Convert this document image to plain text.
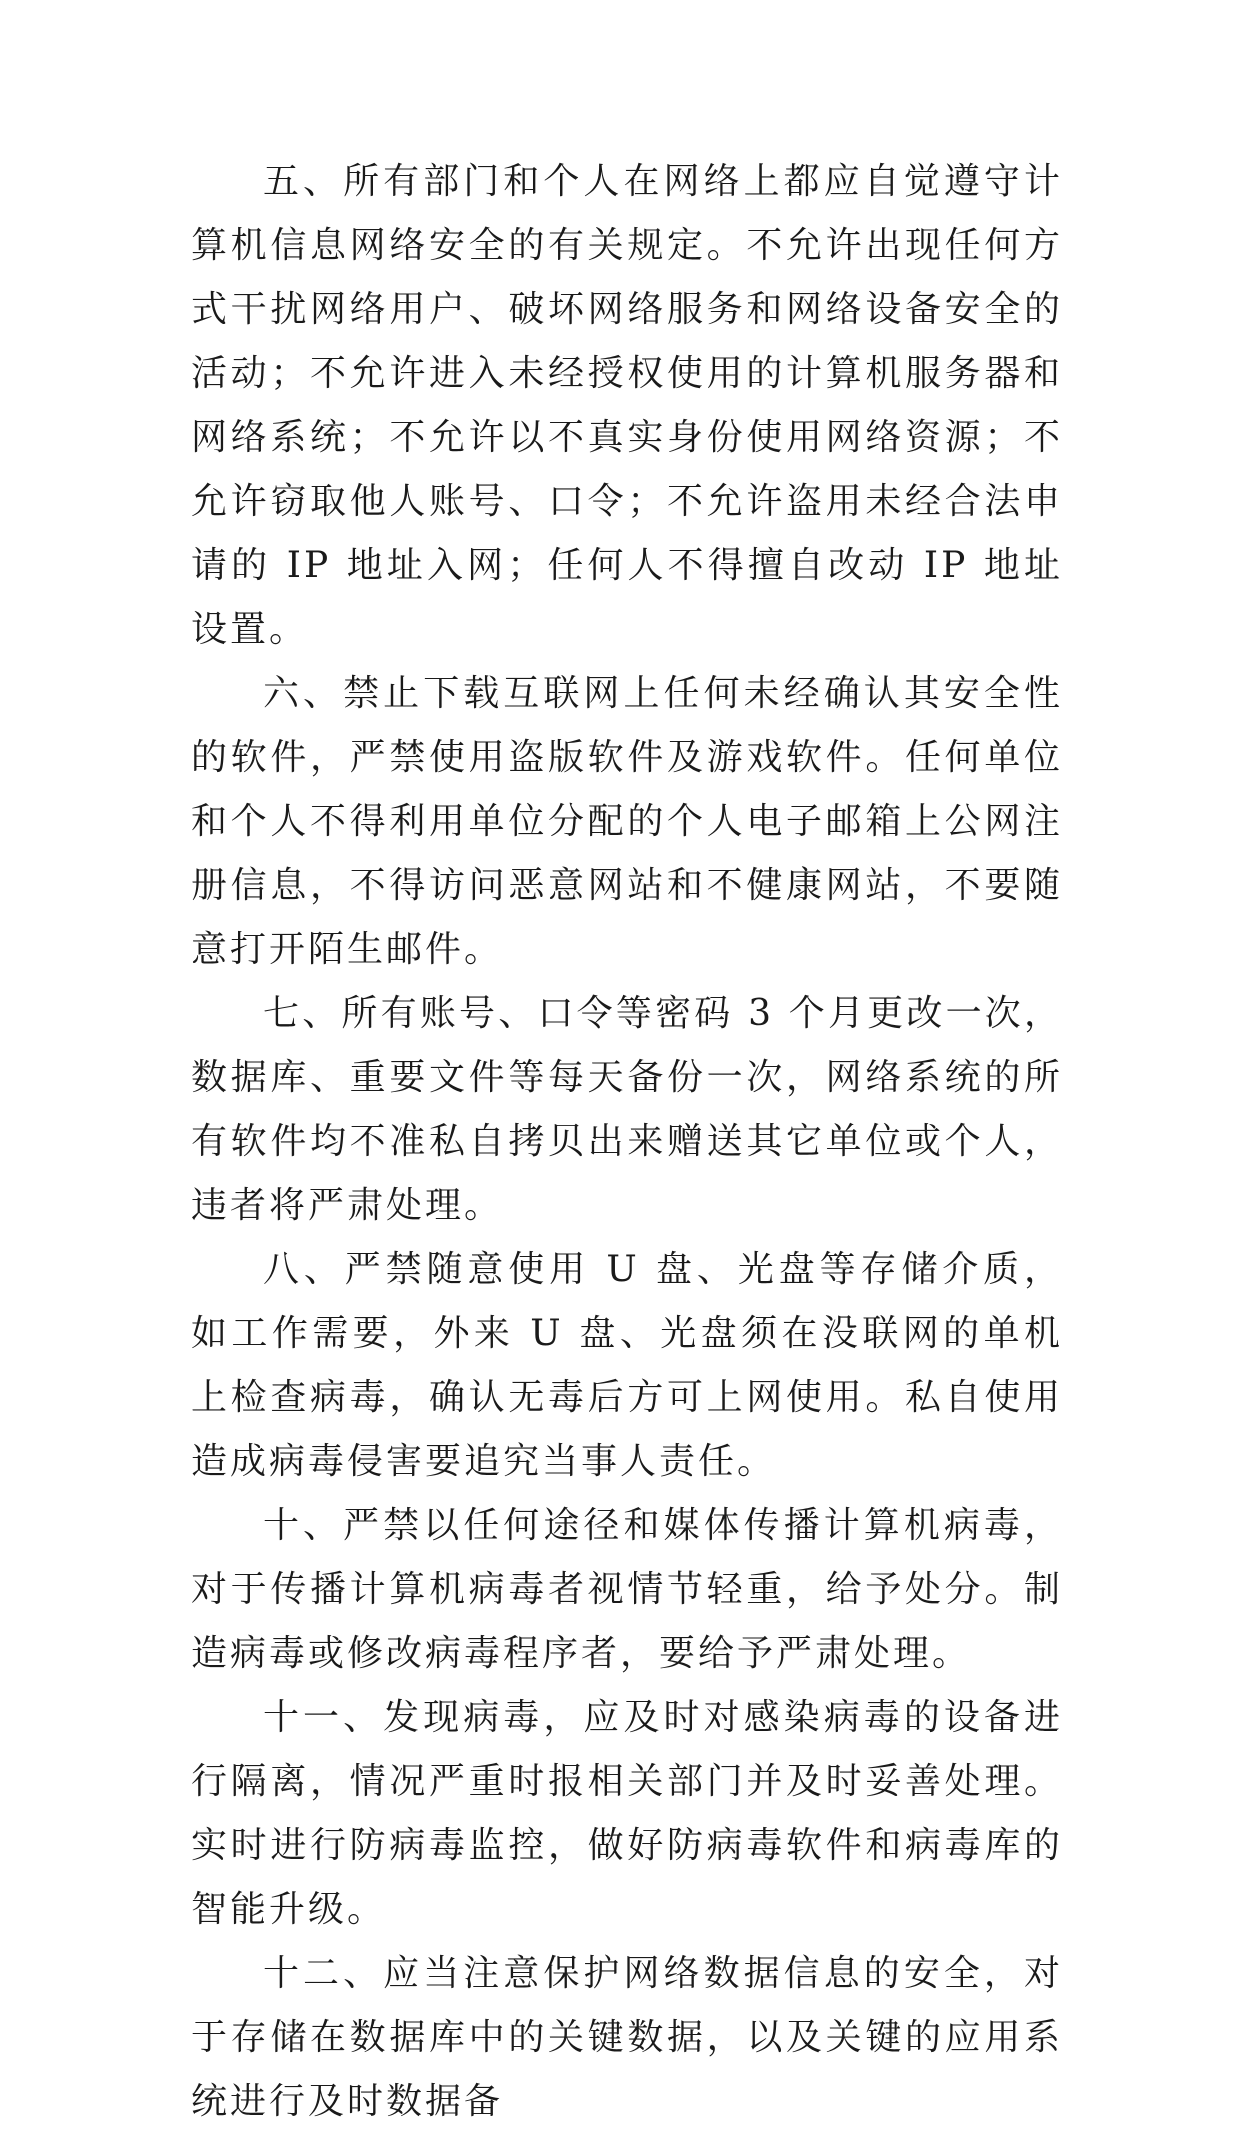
五、所有部门和个人在网络上都应自觉遵守计算机信息网络安全的有关规定。不允许出现任何方式干扰网络用户、破坏网络服务和网络设备安全的活动；不允许进入未经授权使用的计算机服务器和网络系统；不允许以不真实身份使用网络资源；不允许窃取他人账号、口令；不允许盗用未经合法申请的 IP 地址入网；任何人不得擅自改动 IP 地址设置。

六、禁止下载互联网上任何未经确认其安全性的软件，严禁使用盗版软件及游戏软件。任何单位和个人不得利用单位分配的个人电子邮箱上公网注册信息，不得访问恶意网站和不健康网站，不要随意打开陌生邮件。

七、所有账号、口令等密码 3 个月更改一次，数据库、重要文件等每天备份一次，网络系统的所有软件均不准私自拷贝出来赠送其它单位或个人，违者将严肃处理。

八、严禁随意使用 U 盘、光盘等存储介质，如工作需要，外来 U 盘、光盘须在没联网的单机上检查病毒，确认无毒后方可上网使用。私自使用造成病毒侵害要追究当事人责任。

十、严禁以任何途径和媒体传播计算机病毒，对于传播计算机病毒者视情节轻重，给予处分。制造病毒或修改病毒程序者，要给予严肃处理。

十一、发现病毒，应及时对感染病毒的设备进行隔离，情况严重时报相关部门并及时妥善处理。实时进行防病毒监控，做好防病毒软件和病毒库的智能升级。

十二、应当注意保护网络数据信息的安全，对于存储在数据库中的关键数据，以及关键的应用系统进行及时数据备
